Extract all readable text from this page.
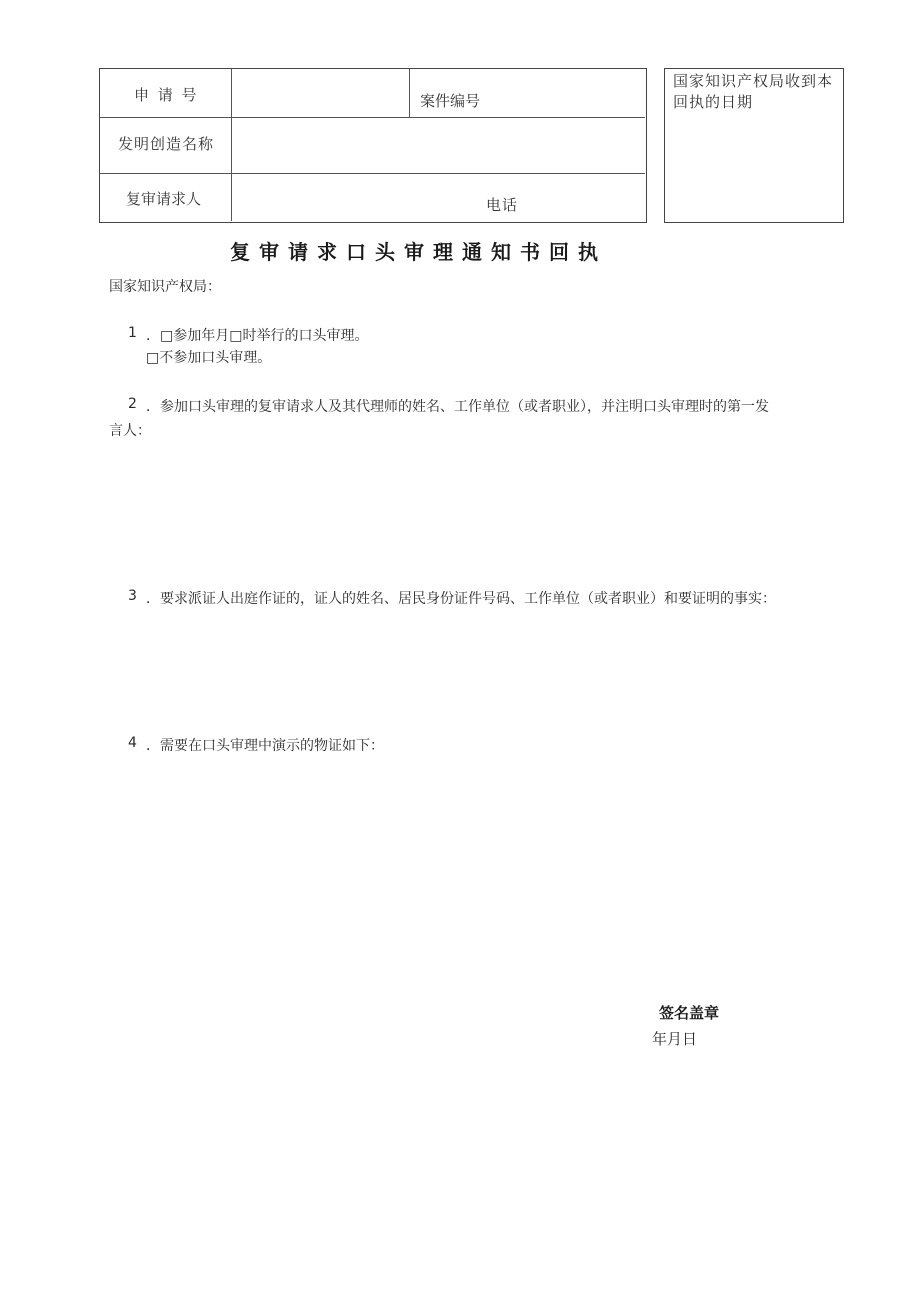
申 请 号	案件编号
发明创造名称
复审请求人	电话
国家知识产权局收到本回执的日期
复审请求口头审理通知书回执
国家知识产权局：
1 ．□参加年月□时举行的口头审理。
□不参加口头审理。
2 ．参加口头审理的复审请求人及其代理师的姓名、工作单位（或者职业），并注明口头审理时的第一发
言人：
3 ．要求派证人出庭作证的，证人的姓名、居民身份证件号码、工作单位（或者职业）和要证明的事实：
4 ．需要在口头审理中演示的物证如下：
签名盖章
年月日
